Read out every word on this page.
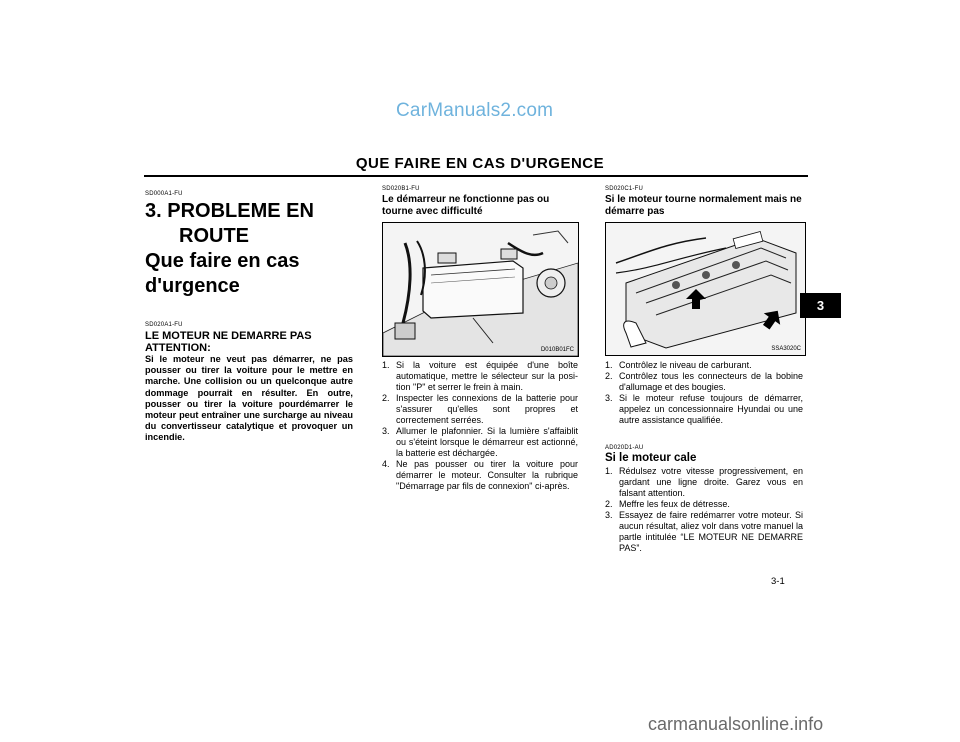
CarManuals2.com
QUE FAIRE EN CAS D'URGENCE
SD000A1-FU
3. PROBLEME EN
ROUTE
Que faire en cas
d'urgence
SD020A1-FU
LE MOTEUR NE DEMARRE PAS
ATTENTION:

Si le moteur ne veut pas démarrer, ne pas pousser ou tirer la voiture pour le mettre en marche. Une collision ou un quelconque autre dommage pourrait en résulter. En outre, pousser ou tirer la voiture pourdémarrer le moteur peut entraîner une surcharge au niveau du convertisseur catalytique et provoquer un incendie.

SD020B1-FU
Le démarreur ne fonctionne pas ou tourne avec difficulté
D010B01FC
1. Si la voiture est équipée d'une boîte automatique, mettre le sélecteur sur la posi- tion "P" et serrer le frein à main.
2. Inspecter les connexions de la batterie pour s'assurer qu'elles sont propres et correctement serrées.
3. Allumer le plafonnier. Si la lumière s'affaiblit ou s'éteint lorsque le démarreur est actionné, la batterie est déchargée.
4. Ne pas pousser ou tirer la voiture pour démarrer le moteur. Consulter la rubrique "Démarrage par fils de connexion" ci-après.
SD020C1-FU
Si le moteur tourne normalement mais ne démarre pas
SSA3020C
1. Contrôlez le niveau de carburant.
2. Contrôlez tous les connecteurs de la bobine d'allumage et des bougies.
3. Si le moteur refuse toujours de démarrer, appelez un concessionnaire Hyundai ou une autre assistance qualifiée.
AD020D1-AU
Si le moteur cale
1. Rédulsez votre vitesse progressivement, en gardant une ligne droite. Garez vous en falsant attention.
2. Meffre les feux de détresse.
3. Essayez de faire redémarrer votre moteur. Si aucun résultat, aliez volr dans votre manuel la partle intitulée “LE MOTEUR NE DEMARRE PAS”.
3
3-1
carmanualsonline.info
